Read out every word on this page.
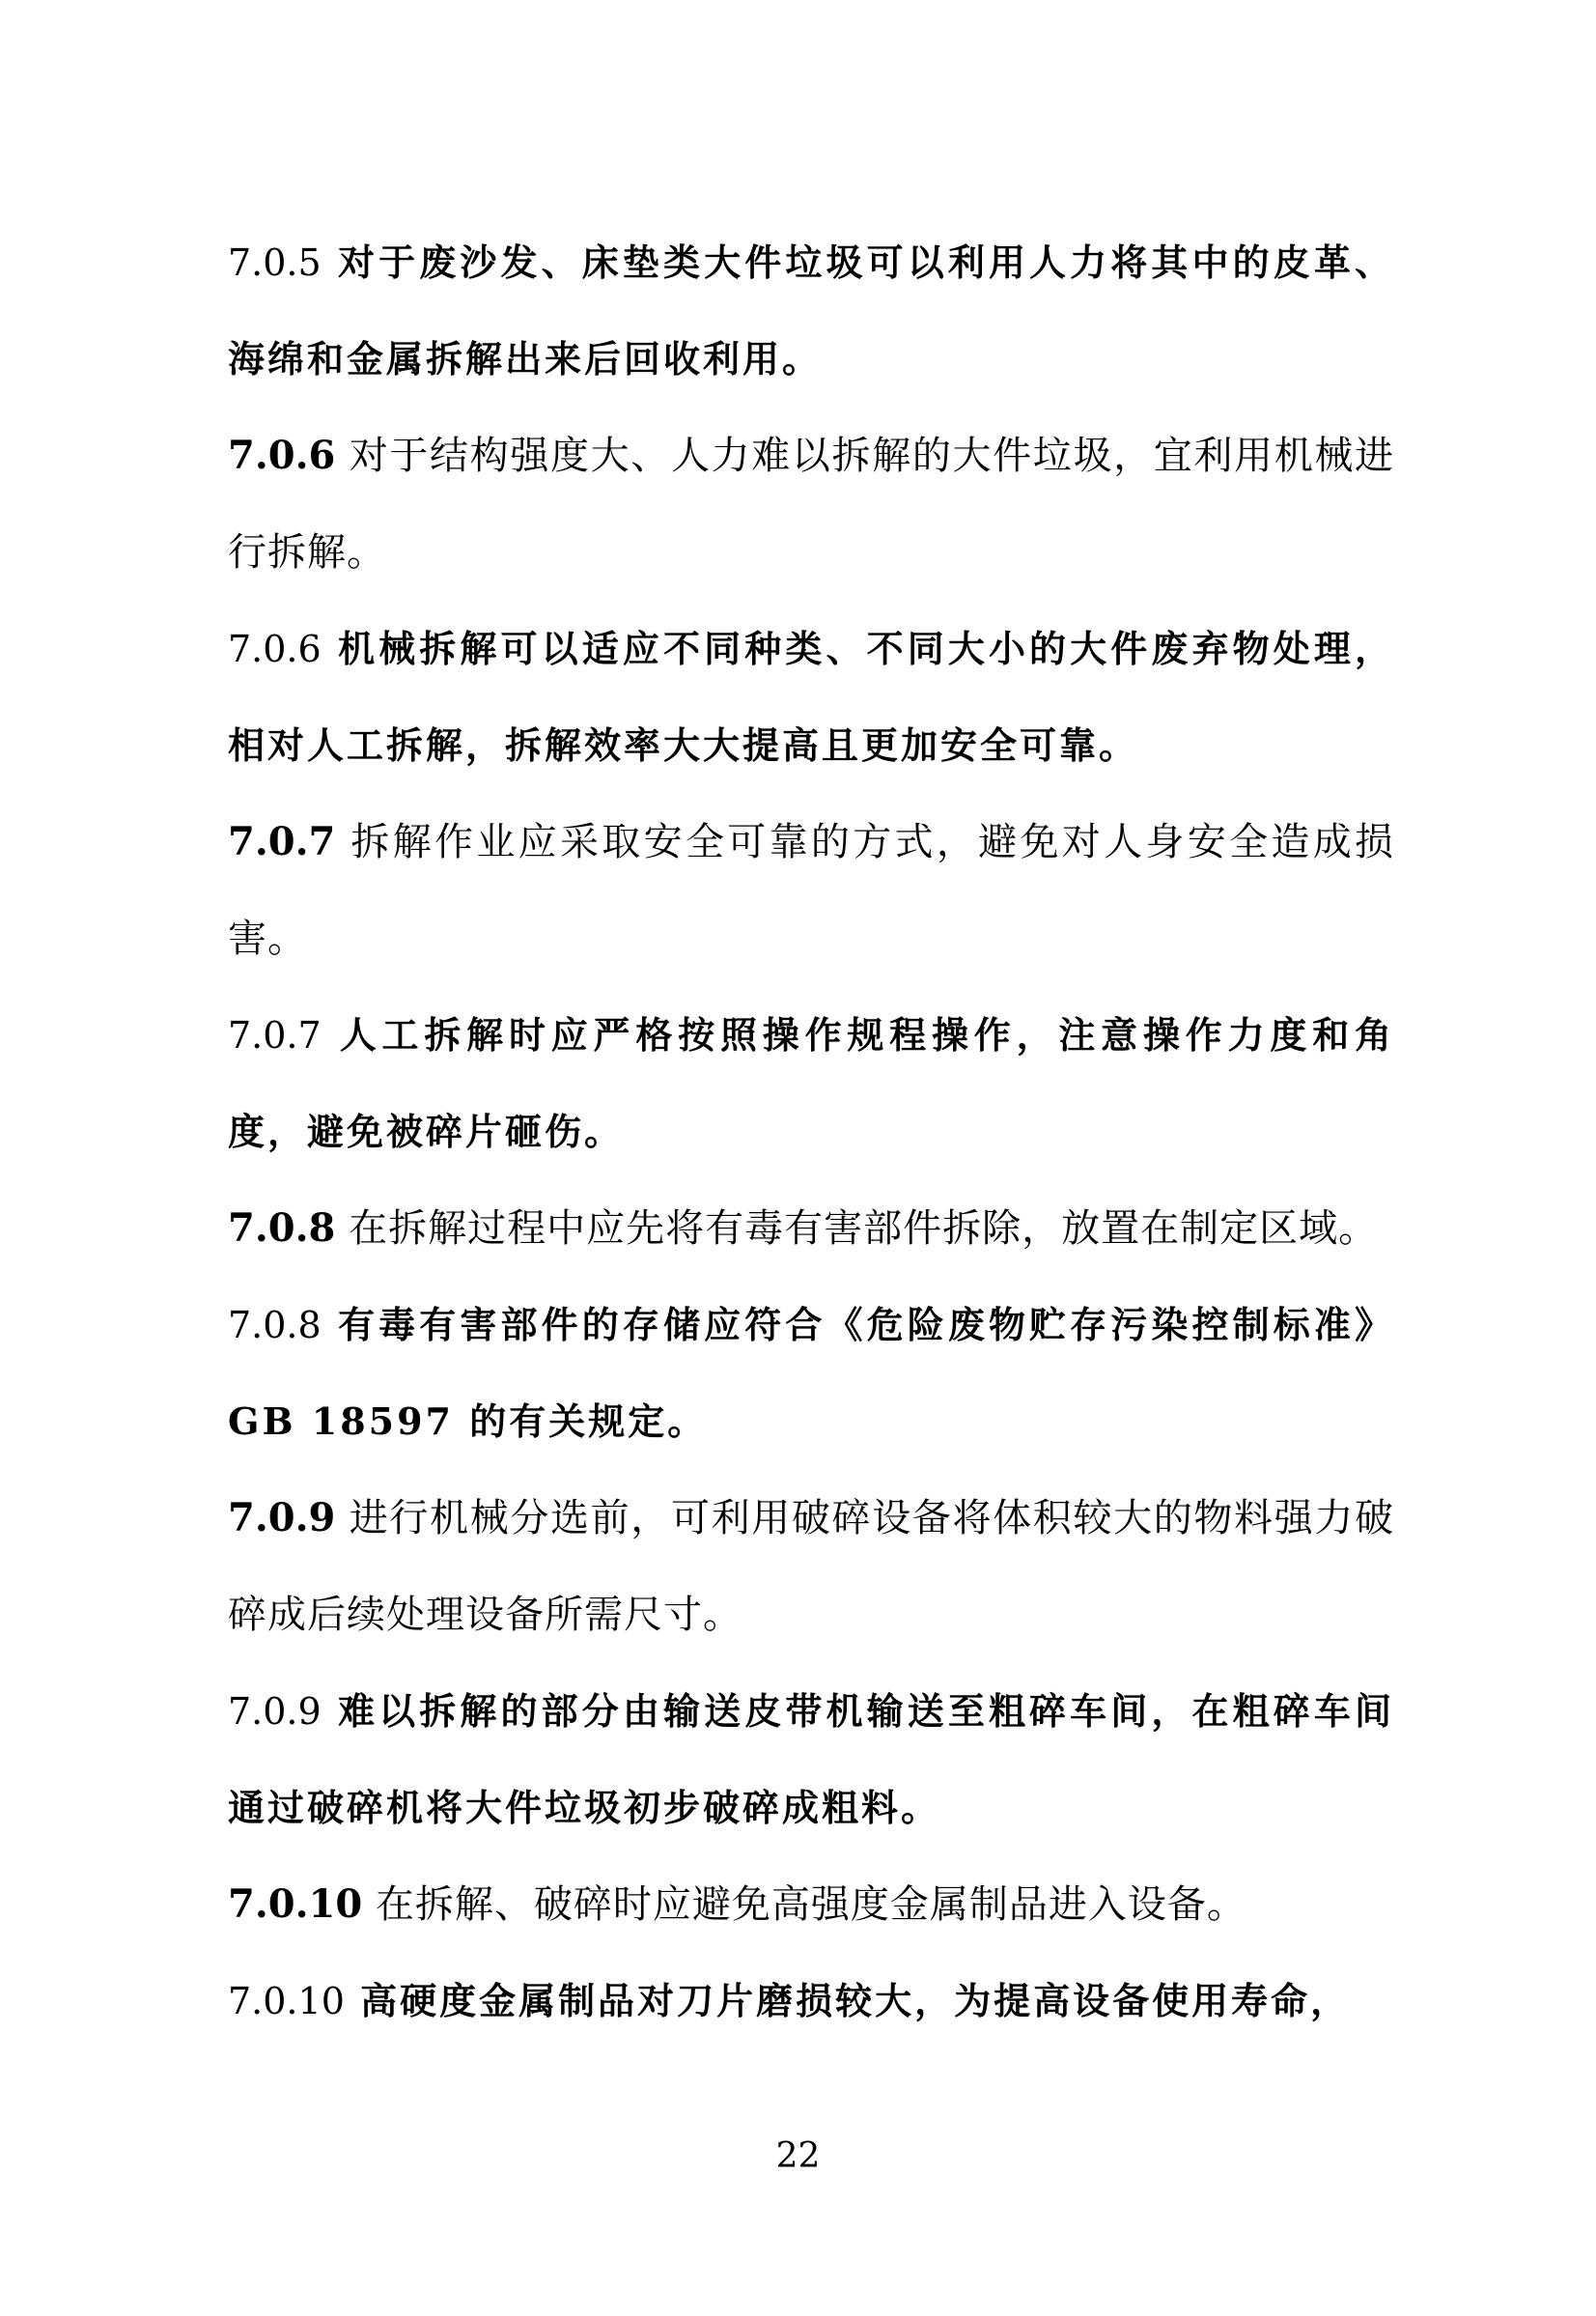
7.0.5 对于废沙发、床垫类大件垃圾可以利用人力将其中的皮革、海绵和金属拆解出来后回收利用。

7.0.6 对于结构强度大、人力难以拆解的大件垃圾，宜利用机械进行拆解。

7.0.6 机械拆解可以适应不同种类、不同大小的大件废弃物处理，相对人工拆解，拆解效率大大提高且更加安全可靠。

7.0.7 拆解作业应采取安全可靠的方式，避免对人身安全造成损害。

7.0.7 人工拆解时应严格按照操作规程操作，注意操作力度和角度，避免被碎片砸伤。

7.0.8 在拆解过程中应先将有毒有害部件拆除，放置在制定区域。

7.0.8 有毒有害部件的存储应符合《危险废物贮存污染控制标准》GB 18597 的有关规定。

7.0.9 进行机械分选前，可利用破碎设备将体积较大的物料强力破碎成后续处理设备所需尺寸。

7.0.9 难以拆解的部分由输送皮带机输送至粗碎车间，在粗碎车间通过破碎机将大件垃圾初步破碎成粗料。

7.0.10 在拆解、破碎时应避免高强度金属制品进入设备。

7.0.10 高硬度金属制品对刀片磨损较大，为提高设备使用寿命，

22
